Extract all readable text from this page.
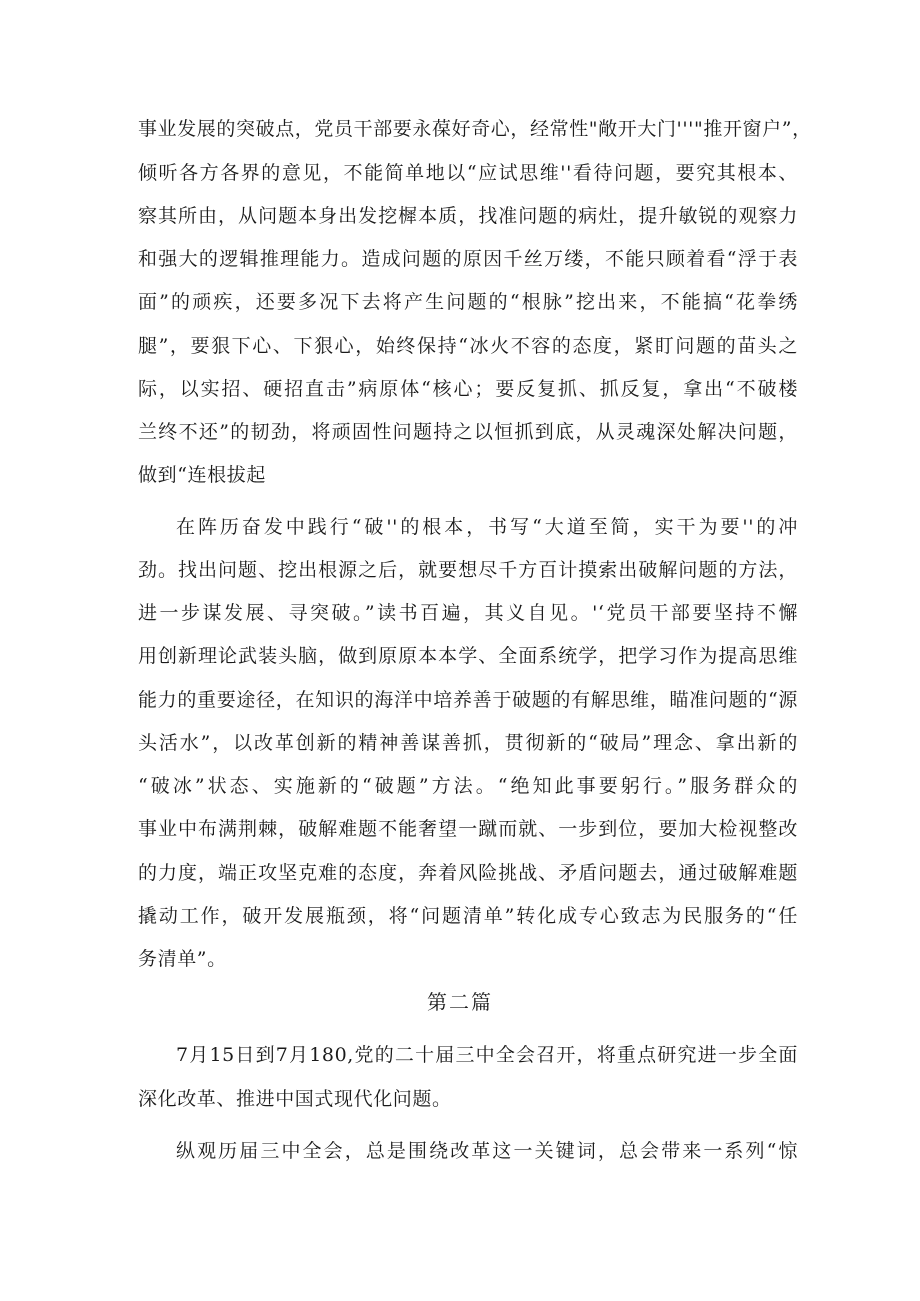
事业发展的突破点，党员干部要永葆好奇心，经常性"敞开大门'''"推开窗户”，
倾听各方各界的意见，不能简单地以“应试思维''看待问题，要究其根本、
察其所由，从问题本身出发挖樨本质，找准问题的病灶，提升敏锐的观察力
和强大的逻辑推理能力。造成问题的原因千丝万缕，不能只顾着看“浮于表
面”的顽疾，还要多况下去将产生问题的“根脉”挖出来，不能搞“花拳绣
腿”，要狠下心、下狠心，始终保持“冰火不容的态度，紧盯问题的苗头之
际，以实招、硬招直击”病原体“核心；要反复抓、抓反复，拿出“不破楼
兰终不还”的韧劲，将顽固性问题持之以恒抓到底，从灵魂深处解决问题，
做到“连根拔起
在阵历奋发中践行“破''的根本，书写“大道至简，实干为要''的冲
劲。找出问题、挖出根源之后，就要想尽千方百计摸索出破解问题的方法，
进一步谋发展、寻突破。”读书百遍，其义自见。'‘党员干部要坚持不懈
用创新理论武装头脑，做到原原本本学、全面系统学，把学习作为提高思维
能力的重要途径，在知识的海洋中培养善于破题的有解思维，瞄准问题的“源
头活水”，以改革创新的精神善谋善抓，贯彻新的“破局”理念、拿出新的
“破冰”状态、实施新的“破题”方法。“绝知此事要躬行。”服务群众的
事业中布满荆棘，破解难题不能奢望一蹴而就、一步到位，要加大检视整改
的力度，端正攻坚克难的态度，奔着风险挑战、矛盾问题去，通过破解难题
撬动工作，破开发展瓶颈，将“问题清单”转化成专心致志为民服务的“任
务清单”。
第二篇
7月15日到7月180,党的二十届三中全会召开，将重点研究进一步全面
深化改革、推进中国式现代化问题。
纵观历届三中全会，总是围绕改革这一关键词，总会带来一系列“惊
